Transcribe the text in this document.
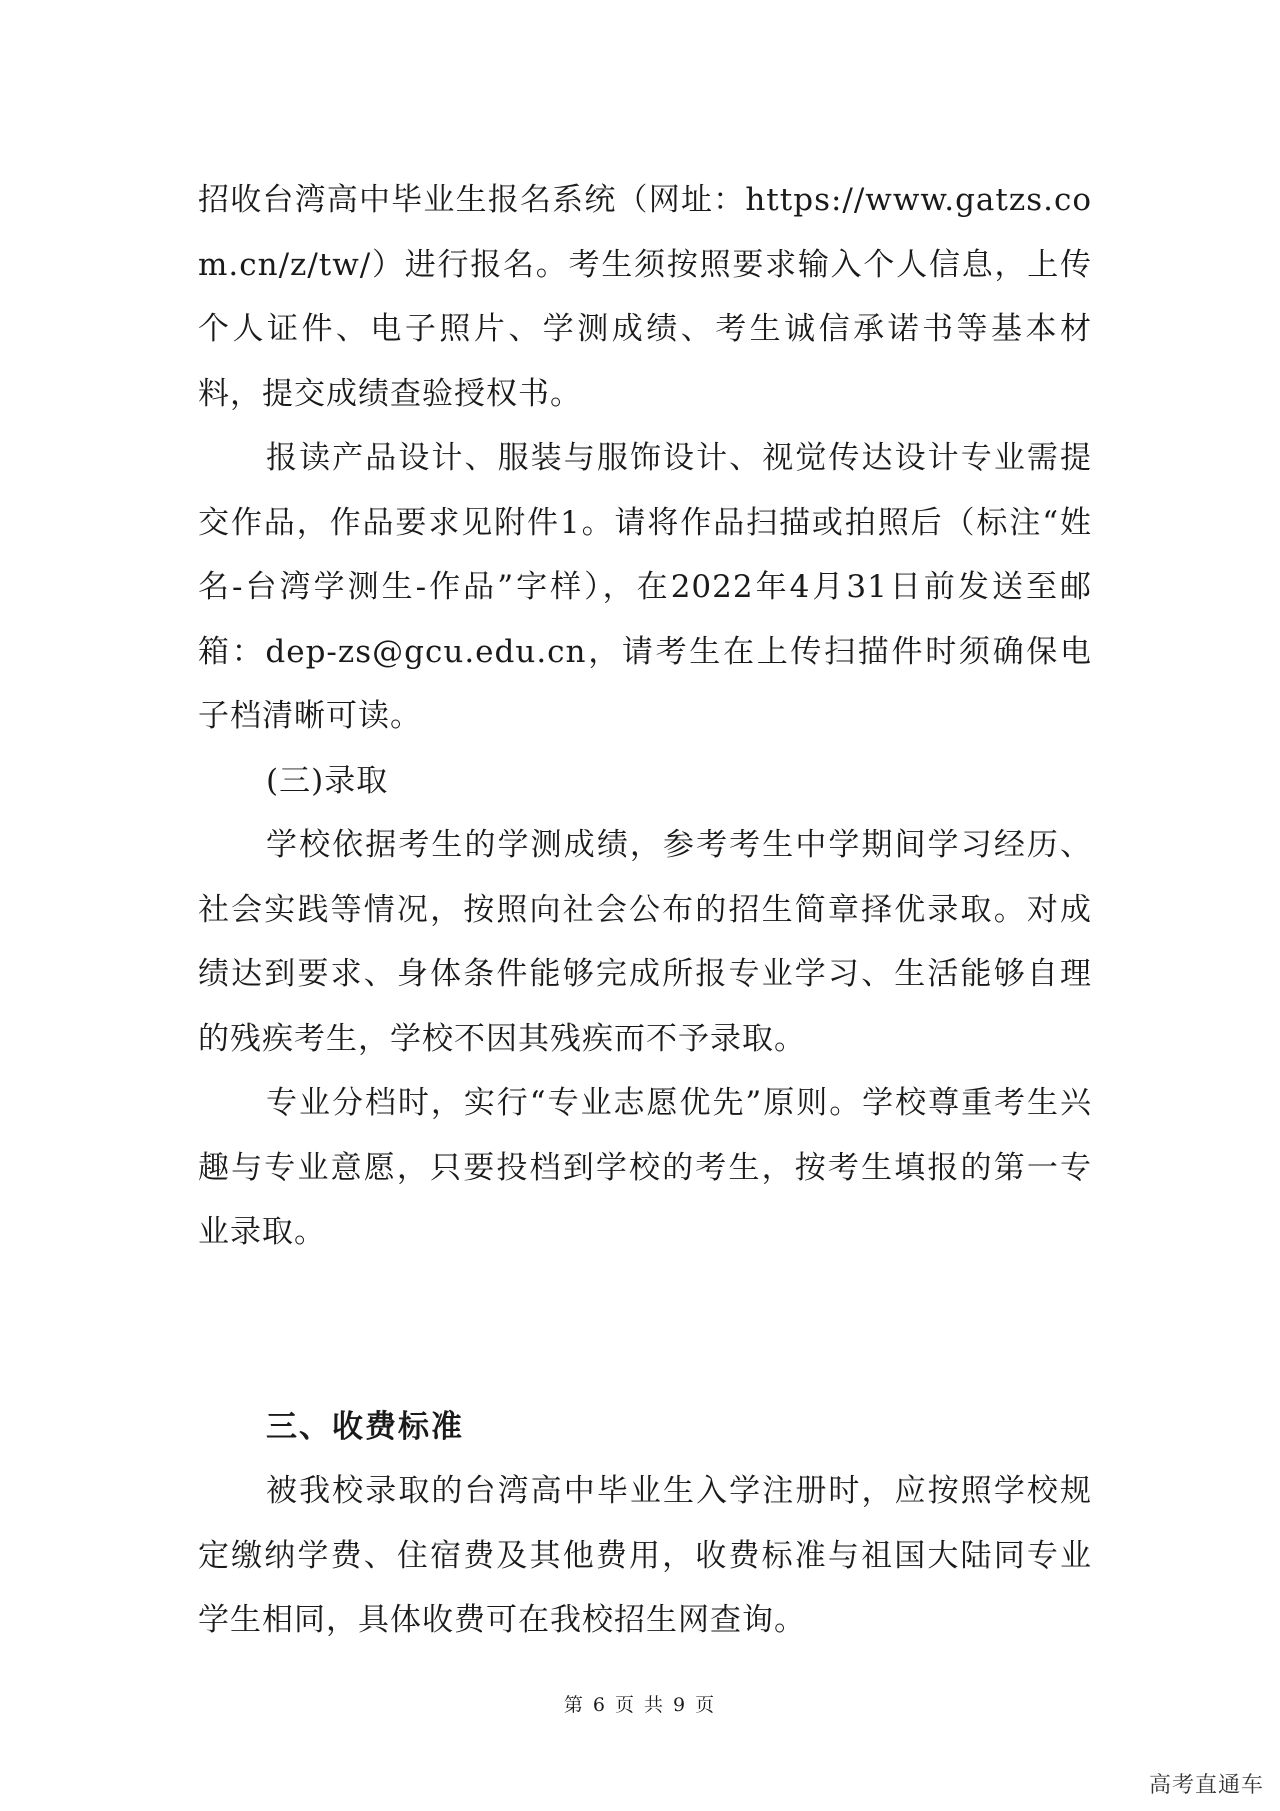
招收台湾高中毕业生报名系统（网址：https://www.gatzs.com.cn/z/tw/）进行报名。考生须按照要求输入个人信息，上传个人证件、电子照片、学测成绩、考生诚信承诺书等基本材料，提交成绩查验授权书。

报读产品设计、服装与服饰设计、视觉传达设计专业需提交作品，作品要求见附件1。请将作品扫描或拍照后（标注“姓名-台湾学测生-作品”字样），在2022年4月31日前发送至邮箱：dep-zs@gcu.edu.cn，请考生在上传扫描件时须确保电子档清晰可读。

(三)录取

学校依据考生的学测成绩，参考考生中学期间学习经历、社会实践等情况，按照向社会公布的招生简章择优录取。对成绩达到要求、身体条件能够完成所报专业学习、生活能够自理的残疾考生，学校不因其残疾而不予录取。

专业分档时，实行“专业志愿优先”原则。学校尊重考生兴趣与专业意愿，只要投档到学校的考生，按考生填报的第一专业录取。

三、收费标准

被我校录取的台湾高中毕业生入学注册时，应按照学校规定缴纳学费、住宿费及其他费用，收费标准与祖国大陆同专业学生相同，具体收费可在我校招生网查询。

第 6 页 共 9 页
高考直通车
